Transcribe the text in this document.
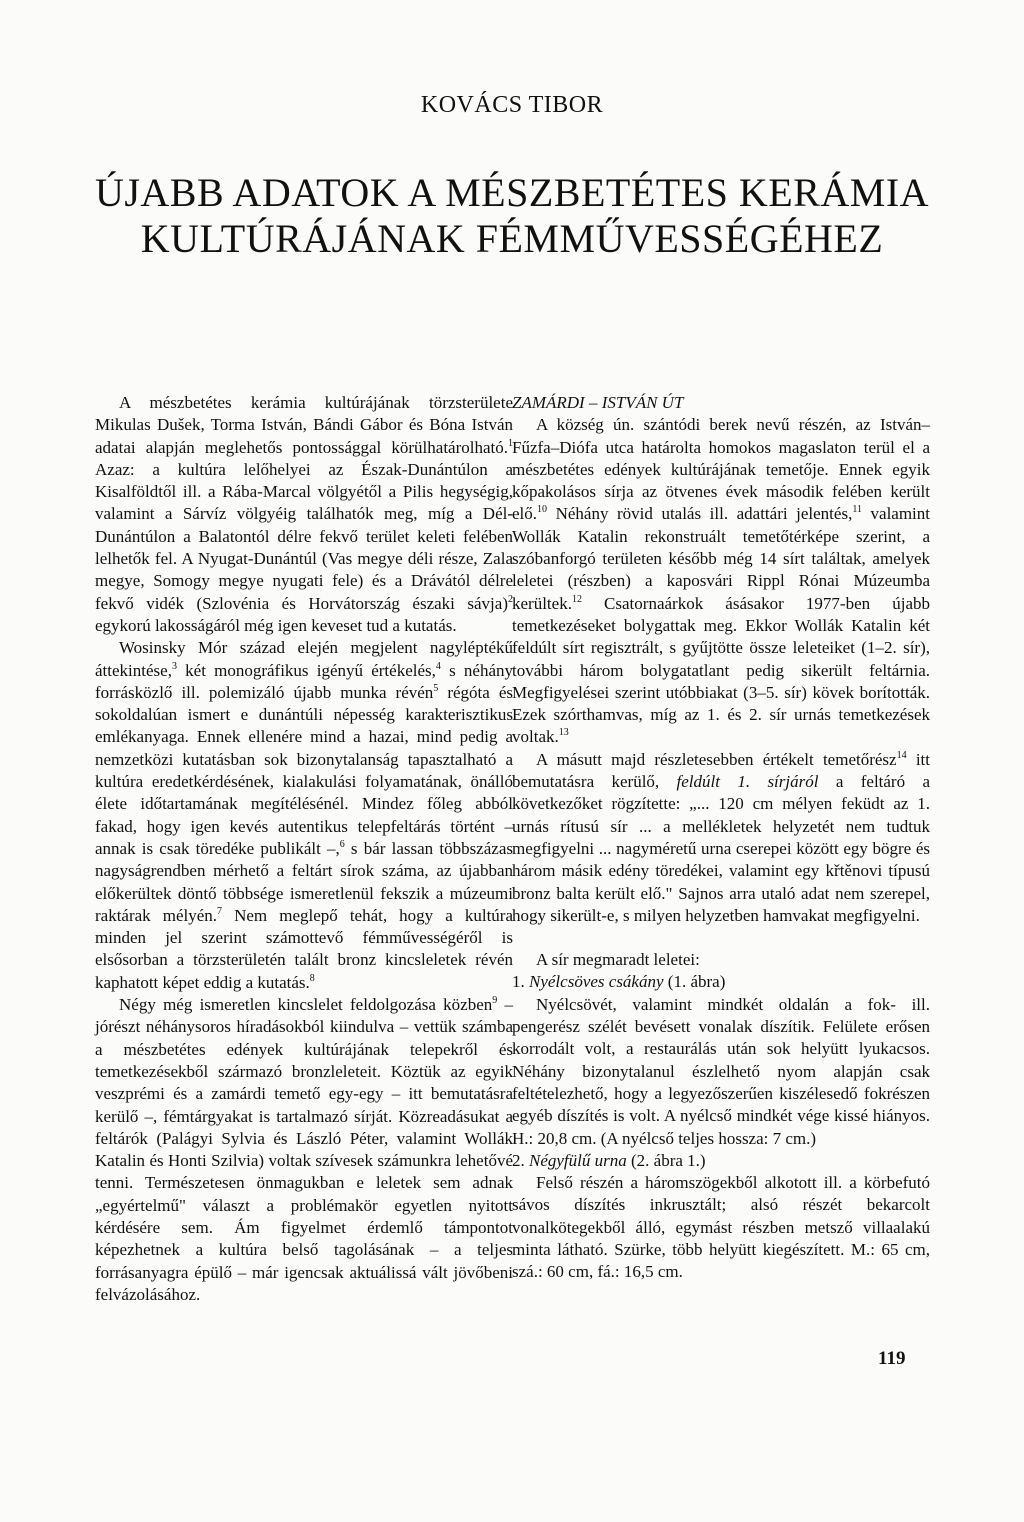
KOVÁCS TIBOR
ÚJABB ADATOK A MÉSZBETÉTES KERÁMIA
KULTÚRÁJÁNAK FÉMMŰVESSÉGÉHEZ

A mészbetétes kerámia kultúrájának törzsterülete Mikulas Dušek, Torma István, Bándi Gábor és Bóna István adatai alapján meglehetős pontossággal körülhatárolható.$^1$ Azaz: a kultúra lelőhelyei az Észak-Dunántúlon a Kisalföldtől ill. a Rába-Marcal völgyétől a Pilis hegységig, valamint a Sárvíz völgyéig találhatók meg, míg a Dél-Dunántúlon a Balatontól délre fekvő terület keleti felében lelhetők fel. A Nyugat-Dunántúl (Vas megye déli része, Zala megye, Somogy megye nyugati fele) és a Drávától délre fekvő vidék (Szlovénia és Horvátország északi sávja)$^2$ egykorú lakosságáról még igen keveset tud a kutatás.

Wosinsky Mór század elején megjelent nagyléptékű áttekintése,$^3$ két monográfikus igényű értékelés,$^4$ s néhány forrásközlő ill. polemizáló újabb munka révén$^5$ régóta és sokoldalúan ismert e dunántúli népesség karakterisztikus emlékanyaga. Ennek ellenére mind a hazai, mind pedig a nemzetközi kutatásban sok bizonytalanság tapasztalható a kultúra eredetkérdésének, kialakulási folyamatának, önálló élete időtartamának megítélésénél. Mindez főleg abból fakad, hogy igen kevés autentikus telepfeltárás történt – annak is csak töredéke publikált –,$^6$ s bár lassan többszázas nagyságrendben mérhető a feltárt sírok száma, az újabban előkerültek döntő többsége ismeretlenül fekszik a múzeumi raktárak mélyén.$^7$ Nem meglepő tehát, hogy a kultúra minden jel szerint számottevő fémművességéről is elsősorban a törzsterületén talált bronz kincsleletek révén kaphatott képet eddig a kutatás.$^8$

Négy még ismeretlen kincslelet feldolgozása közben$^9$ – jórészt néhánysoros híradásokból kiindulva – vettük számba a mészbetétes edények kultúrájának telepekről és temetkezésekből származó bronzleleteit. Köztük az egyik veszprémi és a zamárdi temető egy-egy – itt bemutatásra kerülő –, fémtárgyakat is tartalmazó sírját. Közreadásukat a feltárók (Palágyi Sylvia és László Péter, valamint Wollák Katalin és Honti Szilvia) voltak szívesek számunkra lehetővé tenni. Természetesen önmagukban e leletek sem adnak „egyértelmű" választ a problémakör egyetlen nyitott kérdésére sem. Ám figyelmet érdemlő támpontot képezhetnek a kultúra belső tagolásának – a teljes forrásanyagra épülő – már igencsak aktuálissá vált jövőbeni felvázolásához.

ZAMÁRDI – ISTVÁN ÚT

A község ún. szántódi berek nevű részén, az István–Fűzfa–Diófa utca határolta homokos magaslaton terül el a mészbetétes edények kultúrájának temetője. Ennek egyik kőpakolásos sírja az ötvenes évek második felében került elő.$^{10}$ Néhány rövid utalás ill. adattári jelentés,$^{11}$ valamint Wollák Katalin rekonstruált temetőtérképe szerint, a szóbanforgó területen később még 14 sírt találtak, amelyek leletei (részben) a kaposvári Rippl Rónai Múzeumba kerültek.$^{12}$ Csatornaárkok ásásakor 1977-ben újabb temetkezéseket bolygattak meg. Ekkor Wollák Katalin két feldúlt sírt regisztrált, s gyűjtötte össze leleteiket (1–2. sír), további három bolygatatlant pedig sikerült feltárnia. Megfigyelései szerint utóbbiakat (3–5. sír) kövek borították. Ezek szórthamvas, míg az 1. és 2. sír urnás temetkezések voltak.$^{13}$

A másutt majd részletesebben értékelt temetőrész$^{14}$ itt bemutatásra kerülő, feldúlt 1. sírjáról a feltáró a következőket rögzítette: „... 120 cm mélyen feküdt az 1. urnás rítusú sír ... a mellékletek helyzetét nem tudtuk megfigyelni ... nagyméretű urna cserepei között egy bögre és három másik edény töredékei, valamint egy křtěnovi típusú bronz balta került elő." Sajnos arra utaló adat nem szerepel, hogy sikerült-e, s milyen helyzetben hamvakat megfigyelni.

A sír megmaradt leletei:

1. Nyélcsöves csákány (1. ábra)

Nyélcsövét, valamint mindkét oldalán a fok- ill. pengerész szélét bevésett vonalak díszítik. Felülete erősen korrodált volt, a restaurálás után sok helyütt lyukacsos. Néhány bizonytalanul észlelhető nyom alapján csak feltételezhető, hogy a legyezőszerűen kiszélesedő fokrészen egyéb díszítés is volt. A nyélcső mindkét vége kissé hiányos. H.: 20,8 cm. (A nyélcső teljes hossza: 7 cm.)

2. Négyfülű urna (2. ábra 1.)

Felső részén a háromszögekből alkotott ill. a körbefutó sávos díszítés inkrusztált; alsó részét bekarcolt vonalkötegekből álló, egymást részben metsző villaalakú minta látható. Szürke, több helyütt kiegészített. M.: 65 cm, szá.: 60 cm, fá.: 16,5 cm.

119
